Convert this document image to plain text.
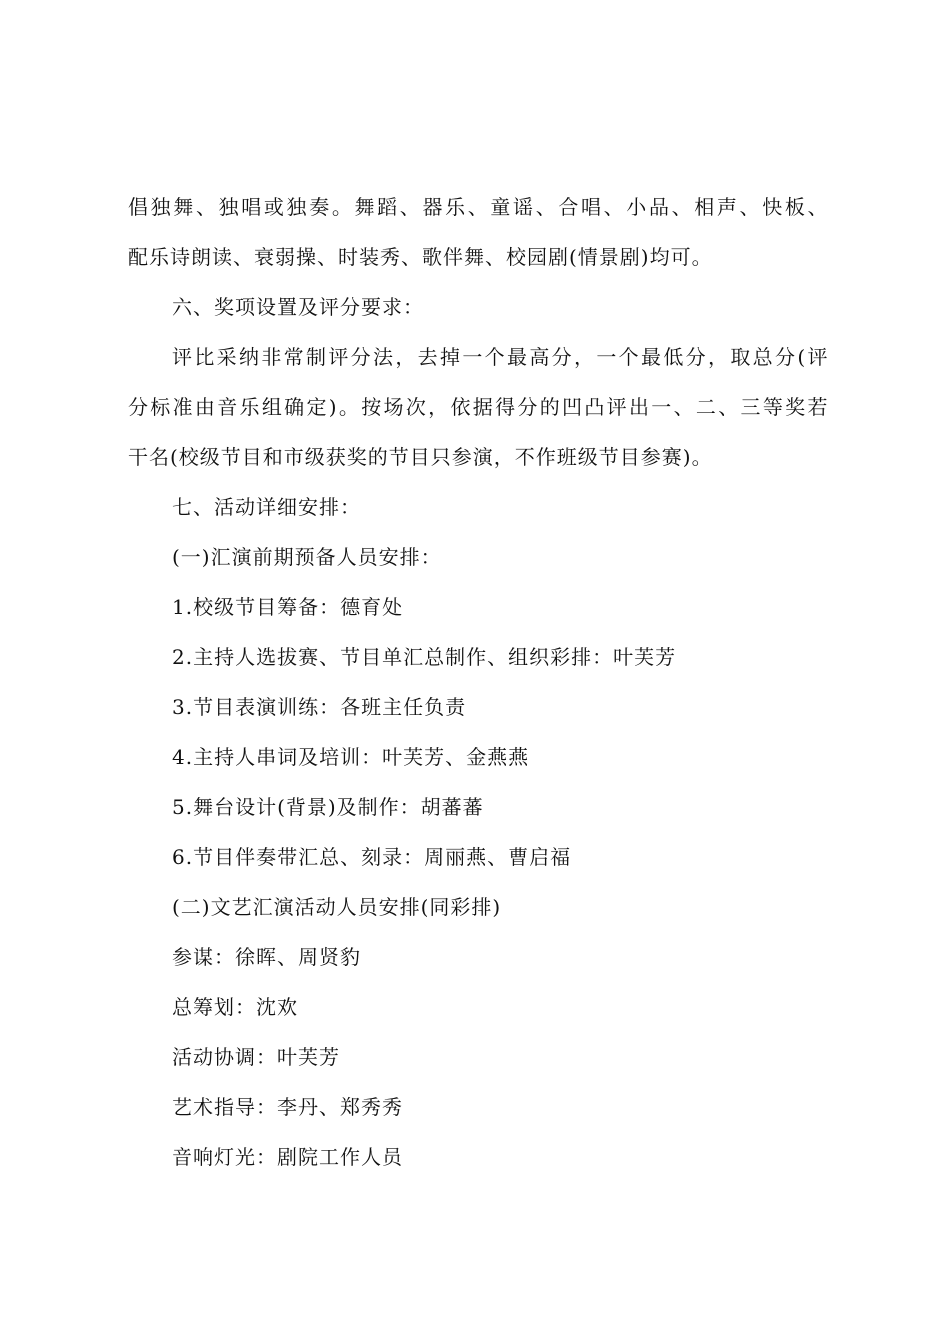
倡独舞、独唱或独奏。舞蹈、器乐、童谣、合唱、小品、相声、快板、
配乐诗朗读、衰弱操、时装秀、歌伴舞、校园剧(情景剧)均可。
六、奖项设置及评分要求：
评比采纳非常制评分法，去掉一个最高分，一个最低分，取总分(评
分标准由音乐组确定)。按场次，依据得分的凹凸评出一、二、三等奖若
干名(校级节目和市级获奖的节目只参演，不作班级节目参赛)。
七、活动详细安排：
(一)汇演前期预备人员安排：
1.校级节目筹备：德育处
2.主持人选拔赛、节目单汇总制作、组织彩排：叶芙芳
3.节目表演训练：各班主任负责
4.主持人串词及培训：叶芙芳、金燕燕
5.舞台设计(背景)及制作：胡蕃蕃
6.节目伴奏带汇总、刻录：周丽燕、曹启福
(二)文艺汇演活动人员安排(同彩排)
参谋：徐晖、周贤豹
总筹划：沈欢
活动协调：叶芙芳
艺术指导：李丹、郑秀秀
音响灯光：剧院工作人员
